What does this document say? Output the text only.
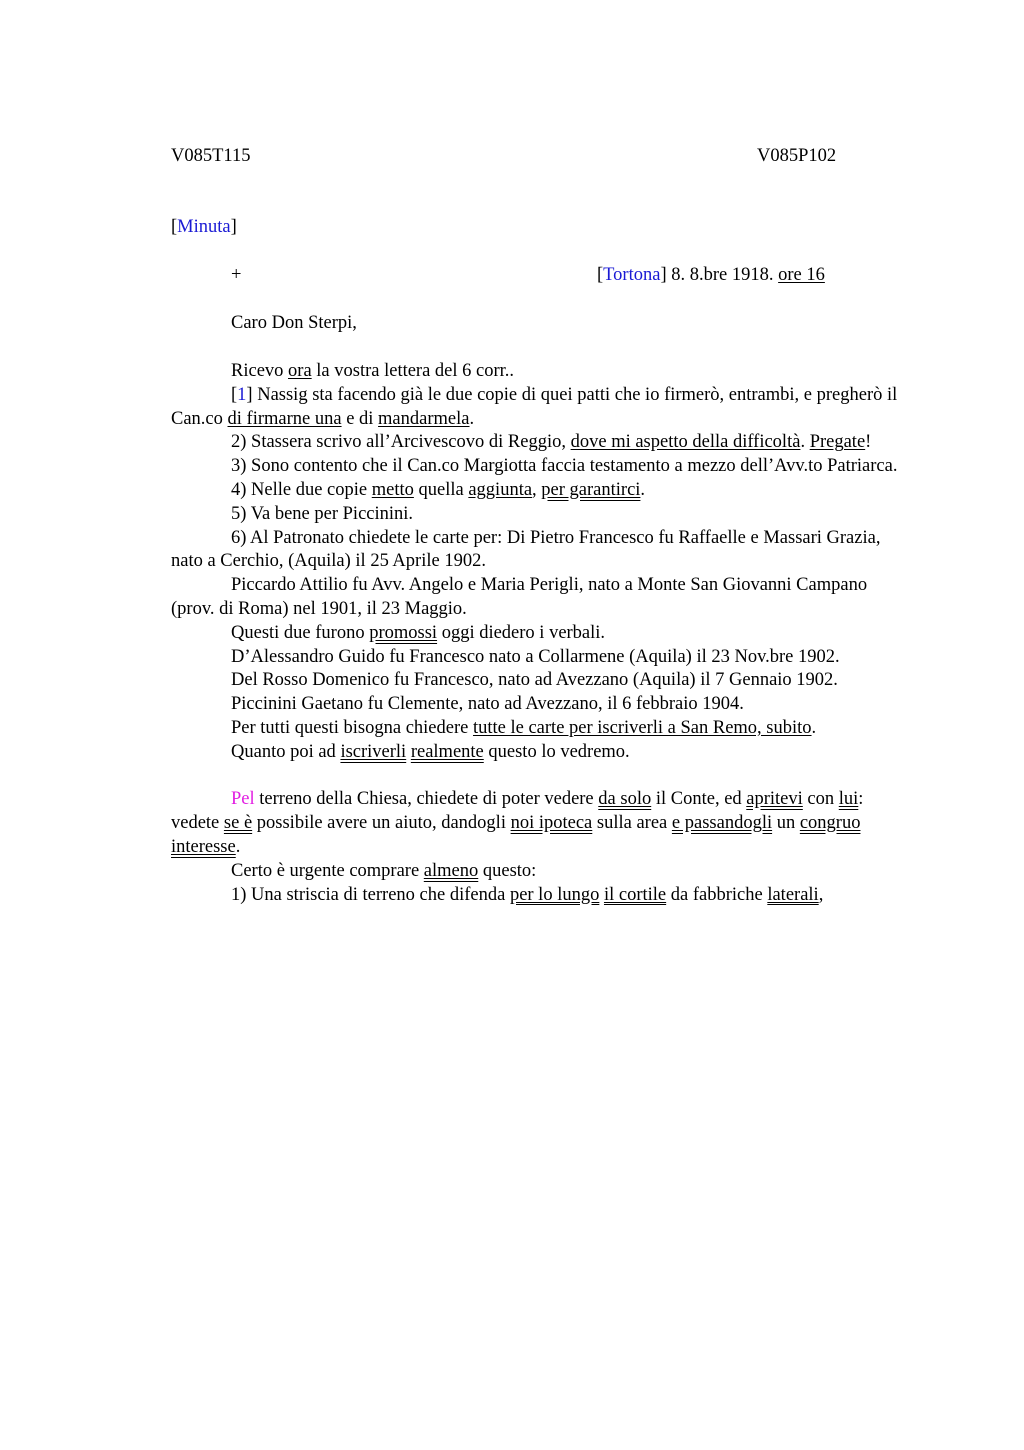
V085T115	V085P102
[Minuta]
+	[Tortona] 8. 8.bre 1918. ore 16
Caro Don Sterpi,

Ricevo ora la vostra lettera del 6 corr..

[1] Nassig sta facendo già le due copie di quei patti che io firmerò, entrambi, e pregherò il Can.co di firmarne una e di mandarmela.

2) Stassera scrivo all’Arcivescovo di Reggio, dove mi aspetto della difficoltà. Pregate!

3) Sono contento che il Can.co Margiotta faccia testamento a mezzo dell’Avv.to Patriarca.

4) Nelle due copie metto quella aggiunta, per garantirci.

5) Va bene per Piccinini.

6) Al Patronato chiedete le carte per: Di Pietro Francesco fu Raffaelle e Massari Grazia, nato a Cerchio, (Aquila) il 25 Aprile 1902.

Piccardo Attilio fu Avv. Angelo e Maria Perigli, nato a Monte San Giovanni Campano (prov. di Roma) nel 1901, il 23 Maggio.

Questi due furono promossi oggi diedero i verbali.

D’Alessandro Guido fu Francesco nato a Collarmene (Aquila) il 23 Nov.bre 1902.

Del Rosso Domenico fu Francesco, nato ad Avezzano (Aquila) il 7 Gennaio 1902.

Piccinini Gaetano fu Clemente, nato ad Avezzano, il 6 febbraio 1904.

Per tutti questi bisogna chiedere tutte le carte per iscriverli a San Remo, subito.

Quanto poi ad iscriverli realmente questo lo vedremo.

Pel terreno della Chiesa, chiedete di poter vedere da solo il Conte, ed apritevi con lui: vedete se è possibile avere un aiuto, dandogli noi ipoteca sulla area e passandogli un congruo interesse.

Certo è urgente comprare almeno questo:

1) Una striscia di terreno che difenda per lo lungo il cortile da fabbriche laterali,
